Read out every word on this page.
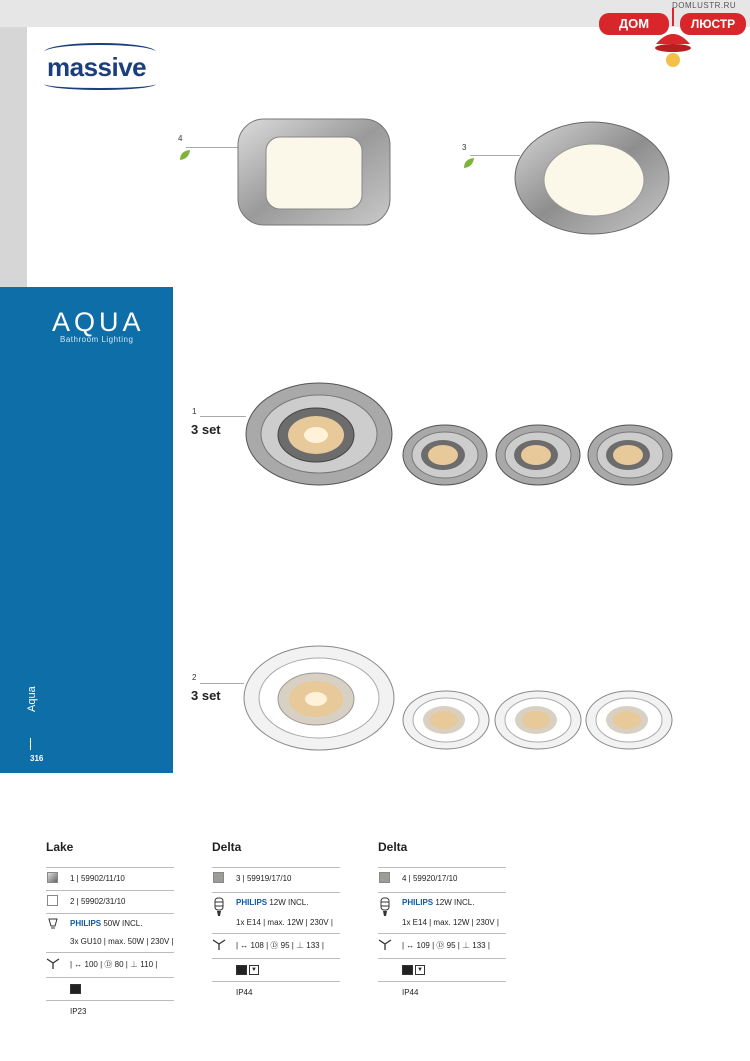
massive
DOMLUSTR.RU
ДОМ	ЛЮСТР
AQUA
Bathroom Lighting
Aqua
316
4
3
1
3 set
2
3 set
Lake
1 | 59902/11/10
2 | 59902/31/10
PHILIPS 50W INCL.
3x GU10 | max. 50W | 230V |
| ↔ 100 | Ⓓ 80 | ⊥ 110 |
IP23
Delta
3 | 59919/17/10
PHILIPS 12W INCL.
1x E14 | max. 12W | 230V |
| ↔ 108 | Ⓓ 95 | ⊥ 133 |
▼
IP44
Delta
4 | 59920/17/10
PHILIPS 12W INCL.
1x E14 | max. 12W | 230V |
| ↔ 109 | Ⓓ 95 | ⊥ 133 |
▼
IP44
